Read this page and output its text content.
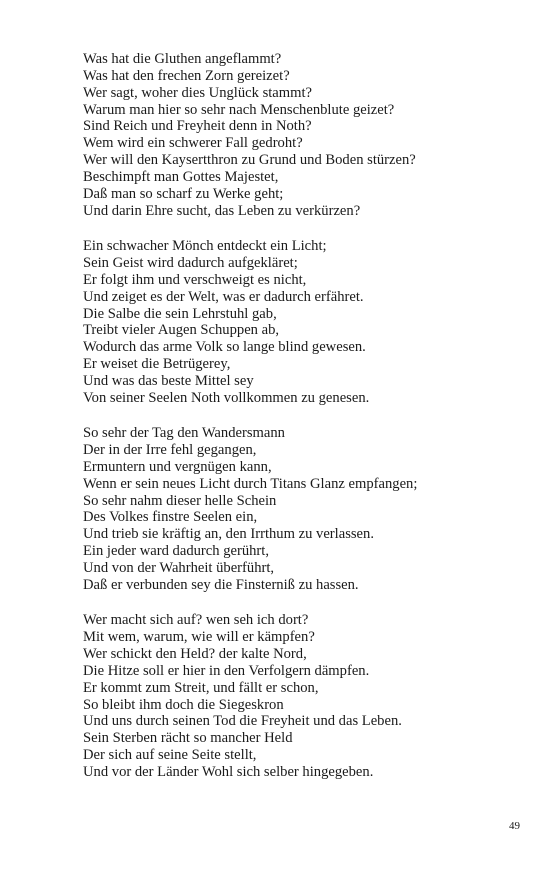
Was hat die Gluthen angeflammt?
Was hat den frechen Zorn gereizet?
Wer sagt, woher dies Unglück stammt?
Warum man hier so sehr nach Menschenblute geizet?
Sind Reich und Freyheit denn in Noth?
Wem wird ein schwerer Fall gedroht?
Wer will den Kaysertthron zu Grund und Boden stürzen?
Beschimpft man Gottes Majestet,
Daß man so scharf zu Werke geht;
Und darin Ehre sucht, das Leben zu verkürzen?
Ein schwacher Mönch entdeckt ein Licht;
Sein Geist wird dadurch aufgekläret;
Er folgt ihm und verschweigt es nicht,
Und zeiget es der Welt, was er dadurch erfähret.
Die Salbe die sein Lehrstuhl gab,
Treibt vieler Augen Schuppen ab,
Wodurch das arme Volk so lange blind gewesen.
Er weiset die Betrügerey,
Und was das beste Mittel sey
Von seiner Seelen Noth vollkommen zu genesen.
So sehr der Tag den Wandersmann
Der in der Irre fehl gegangen,
Ermuntern und vergnügen kann,
Wenn er sein neues Licht durch Titans Glanz empfangen;
So sehr nahm dieser helle Schein
Des Volkes finstre Seelen ein,
Und trieb sie kräftig an, den Irrthum zu verlassen.
Ein jeder ward dadurch gerührt,
Und von der Wahrheit überführt,
Daß er verbunden sey die Finsterniß zu hassen.
Wer macht sich auf? wen seh ich dort?
Mit wem, warum, wie will er kämpfen?
Wer schickt den Held? der kalte Nord,
Die Hitze soll er hier in den Verfolgern dämpfen.
Er kommt zum Streit, und fällt er schon,
So bleibt ihm doch die Siegeskron
Und uns durch seinen Tod die Freyheit und das Leben.
Sein Sterben rächt so mancher Held
Der sich auf seine Seite stellt,
Und vor der Länder Wohl sich selber hingegeben.
49
